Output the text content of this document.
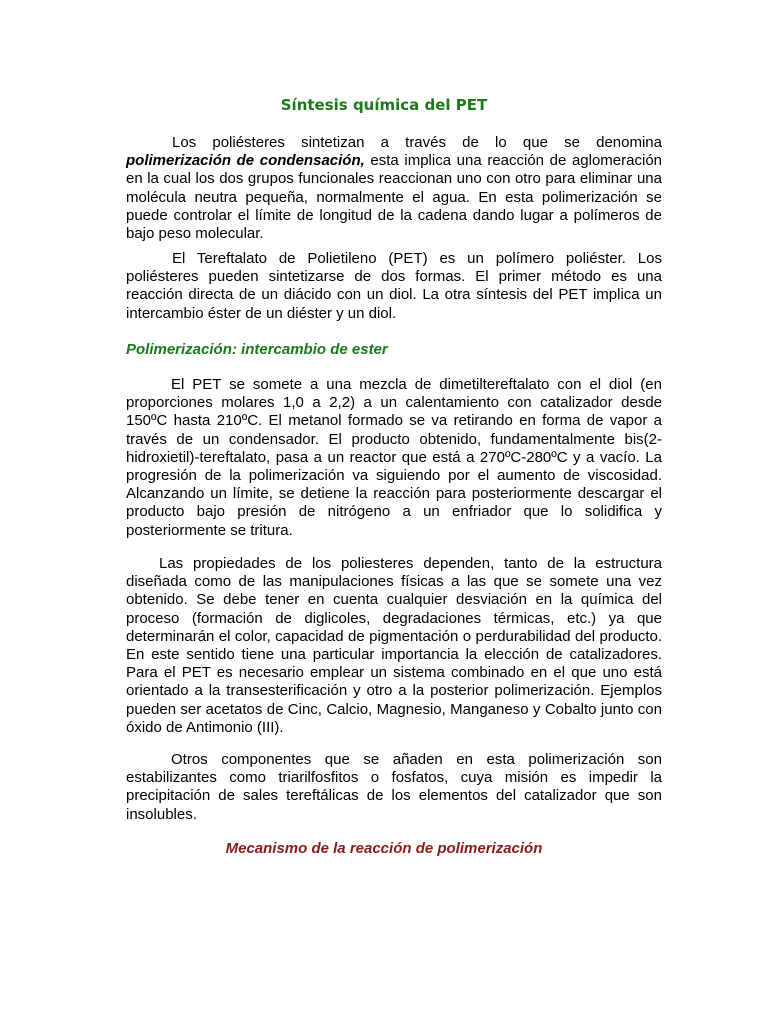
Síntesis química del PET

Los poliésteres sintetizan a través de lo que se denomina polimerización de condensación, esta implica una reacción de aglomeración en la cual los dos grupos funcionales reaccionan uno con otro para eliminar una molécula neutra pequeña, normalmente el agua. En esta polimerización se puede controlar el límite de longitud de la cadena dando lugar a polímeros de bajo peso molecular.

El Tereftalato de Polietileno (PET) es un polímero poliéster. Los poliésteres pueden sintetizarse de dos formas. El primer método es una reacción directa de un diácido con un diol. La otra síntesis del PET implica un intercambio éster de un diéster y un diol.

Polimerización: intercambio de ester

El PET se somete a una mezcla de dimetiltereftalato con el diol (en proporciones molares 1,0 a 2,2) a un calentamiento con catalizador desde 150ºC hasta 210ºC. El metanol formado se va retirando en forma de vapor a través de un condensador. El producto obtenido, fundamentalmente bis(2-hidroxietil)-tereftalato, pasa a un reactor que está a 270ºC-280ºC y a vacío. La progresión de la polimerización va siguiendo por el aumento de viscosidad. Alcanzando un límite, se detiene la reacción para posteriormente descargar el producto bajo presión de nitrógeno a un enfriador que lo solidifica y posteriormente se tritura.

Las propiedades de los poliesteres dependen, tanto de la estructura diseñada como de las manipulaciones físicas a las que se somete una vez obtenido. Se debe tener en cuenta cualquier desviación en la química del proceso (formación de diglicoles, degradaciones térmicas, etc.) ya que determinarán el color, capacidad de pigmentación o perdurabilidad del producto. En este sentido tiene una particular importancia la elección de catalizadores. Para el PET es necesario emplear un sistema combinado en el que uno está orientado a la transesterificación y otro a la posterior polimerización. Ejemplos pueden ser acetatos de Cinc, Calcio, Magnesio, Manganeso y Cobalto junto con óxido de Antimonio (III).

Otros componentes que se añaden en esta polimerización son estabilizantes como triarilfosfitos o fosfatos, cuya misión es impedir la precipitación de sales tereftálicas de los elementos del catalizador que son insolubles.

Mecanismo de la reacción de polimerización
